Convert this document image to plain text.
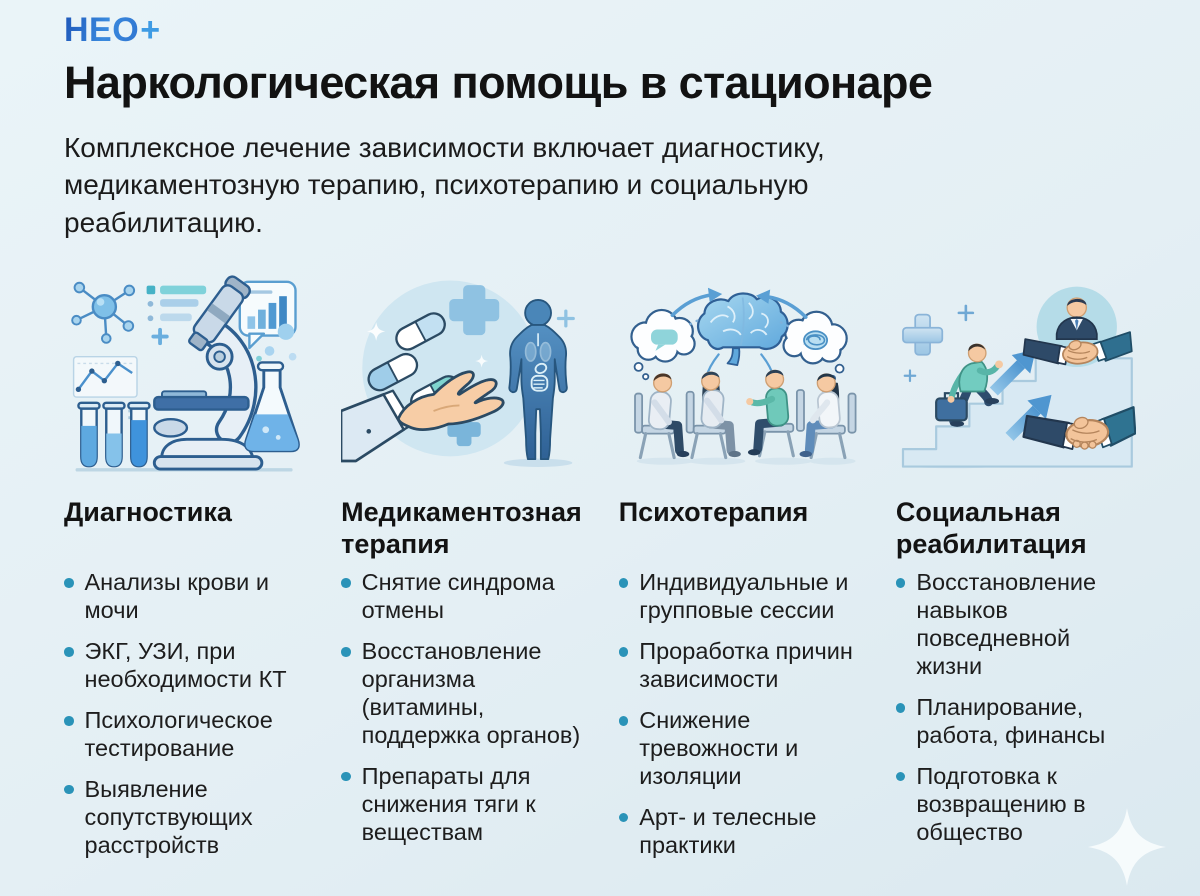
НЕО+
Наркологическая помощь в стационаре

Комплексное лечение зависимости включает диагностику, медикаментозную терапию, психотерапию и социальную реабилитацию.

Диагностика
Анализы крови и мочи
ЭКГ, УЗИ, при необходимости КТ
Психологическое тестирование
Выявление сопутствующих расстройств
Медикаментозная терапия
Снятие синдрома отмены
Восстановление организма (витамины, поддержка органов)
Препараты для снижения тяги к веществам
Психотерапия
Индивидуальные и групповые сессии
Проработка причин зависимости
Снижение тревожности и изоляции
Арт- и телесные практики
Социальная реабилитация
Восстановление навыков повседневной жизни
Планирование, работа, финансы
Подготовка к возвращению в общество
